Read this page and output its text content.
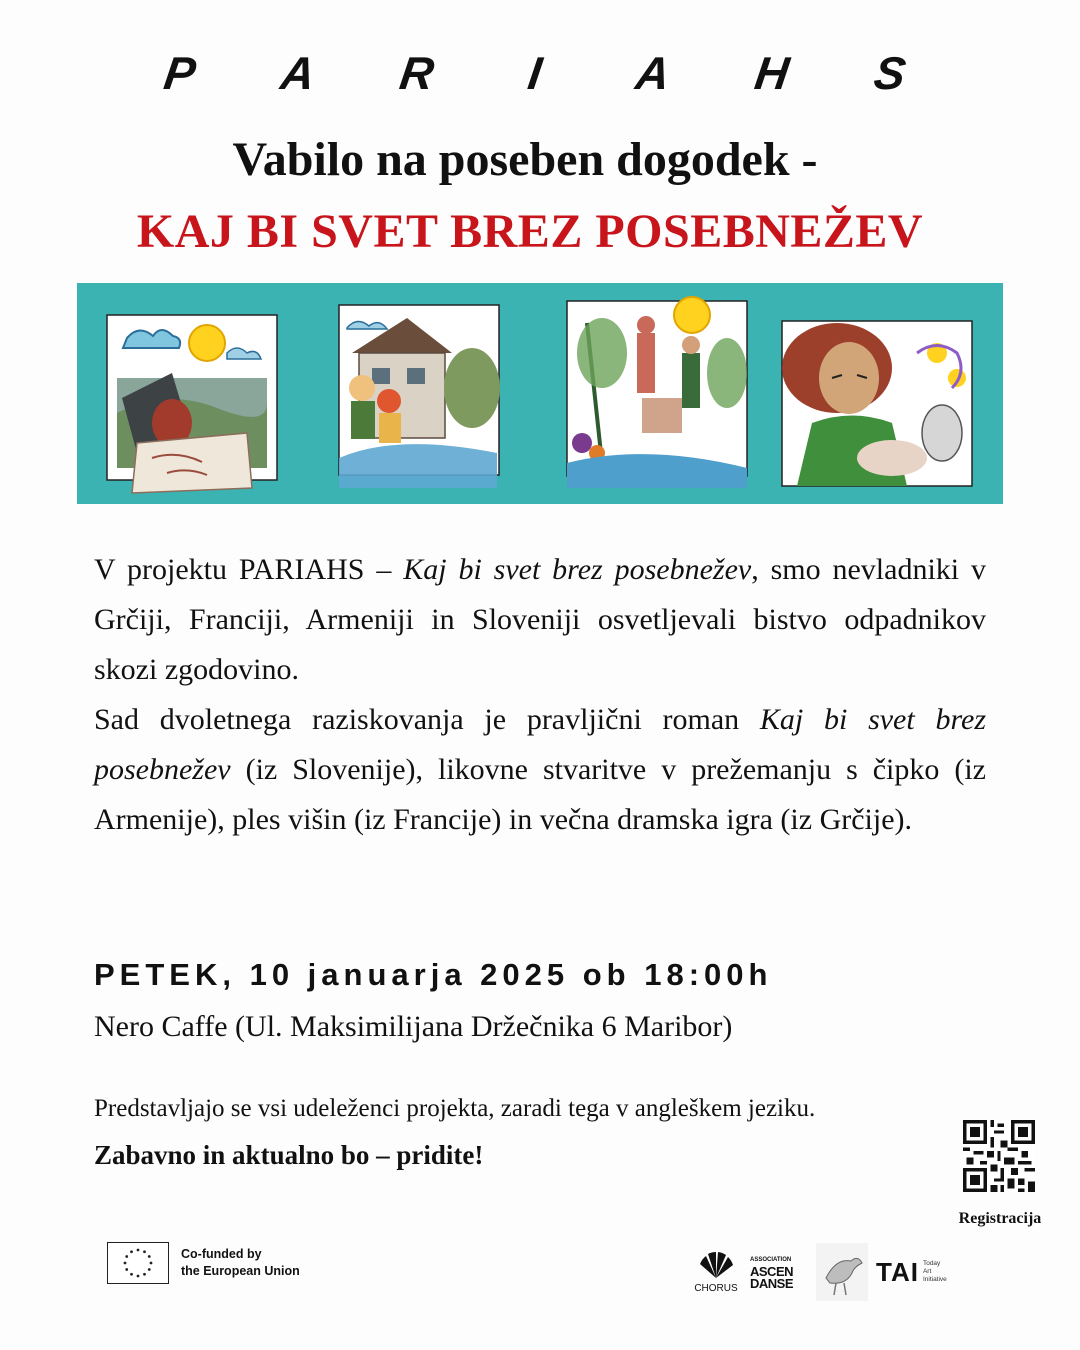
P	A R	I	A H	S
Vabilo na poseben dogodek -
KAJ BI SVET BREZ POSEBNEŽEV

V projektu PARIAHS – Kaj bi svet brez posebnežev, smo nevladniki v Grčiji, Franciji, Armeniji in Sloveniji osvetljevali bistvo odpadnikov skozi zgodovino.

Sad dvoletnega raziskovanja je pravljični roman Kaj bi svet brez posebnežev (iz Slovenije), likovne stvaritve v prežemanju s čipko (iz Armenije), ples višin (iz Francije) in večna dramska igra (iz Grčije).

PETEK, 10 januarja 2025 ob 18:00h
Nero Caffe (Ul. Maksimilijana Držečnika 6 Maribor)
Predstavljajo se vsi udeleženci projekta, zaradi tega v angleškem jeziku.
Zabavno in aktualno bo – pridite!
Registracija
Co-funded by
the European Union
CHORUS
ASSOCIATION
ASCEN
DANSE	TAI Today
Art
Initiative
